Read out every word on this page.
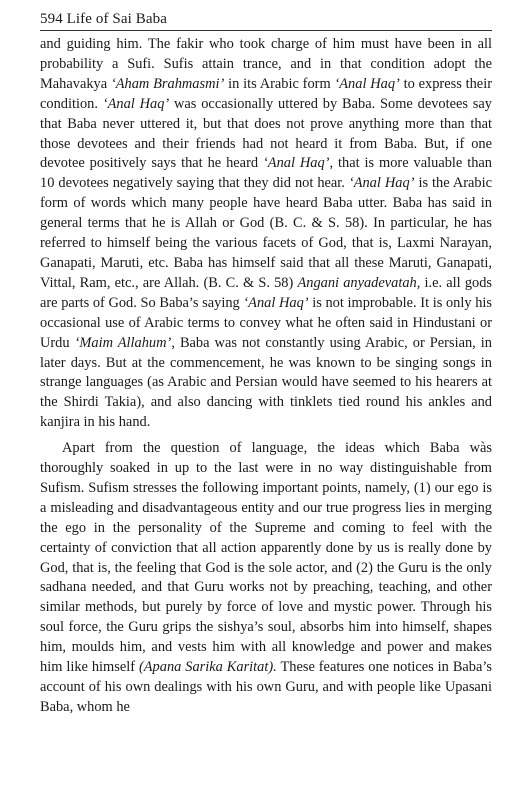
594 Life of Sai Baba

and guiding him. The fakir who took charge of him must have been in all probability a Sufi. Sufis attain trance, and in that condition adopt the Mahavakya ‘Aham Brahmasmi’ in its Arabic form ‘Anal Haq’ to express their condition. ‘Anal Haq’ was occasionally uttered by Baba. Some devotees say that Baba never uttered it, but that does not prove anything more than that those devotees and their friends had not heard it from Baba. But, if one devotee positively says that he heard ‘Anal Haq’, that is more valuable than 10 devotees negatively saying that they did not hear. ‘Anal Haq’ is the Arabic form of words which many people have heard Baba utter. Baba has said in general terms that he is Allah or God (B. C. & S. 58). In particular, he has referred to himself being the various facets of God, that is, Laxmi Narayan, Ganapati, Maruti, etc. Baba has himself said that all these Maruti, Ganapati, Vittal, Ram, etc., are Allah. (B. C. & S. 58) Angani anyadevatah, i.e. all gods are parts of God. So Baba’s saying ‘Anal Haq’ is not improbable. It is only his occasional use of Arabic terms to convey what he often said in Hindustani or Urdu ‘Maim Allahum’, Baba was not constantly using Arabic, or Persian, in later days. But at the commencement, he was known to be singing songs in strange languages (as Arabic and Persian would have seemed to his hearers at the Shirdi Takia), and also dancing with tinklets tied round his ankles and kanjira in his hand.

Apart from the question of language, the ideas which Baba wàs thoroughly soaked in up to the last were in no way distinguishable from Sufism. Sufism stresses the following important points, namely, (1) our ego is a misleading and disadvantageous entity and our true progress lies in merging the ego in the personality of the Supreme and coming to feel with the certainty of conviction that all action apparently done by us is really done by God, that is, the feeling that God is the sole actor, and (2) the Guru is the only sadhana needed, and that Guru works not by preaching, teaching, and other similar methods, but purely by force of love and mystic power. Through his soul force, the Guru grips the sishya’s soul, absorbs him into himself, shapes him, moulds him, and vests him with all knowledge and power and makes him like himself (Apana Sarika Karitat). These features one notices in Baba’s account of his own dealings with his own Guru, and with people like Upasani Baba, whom he
